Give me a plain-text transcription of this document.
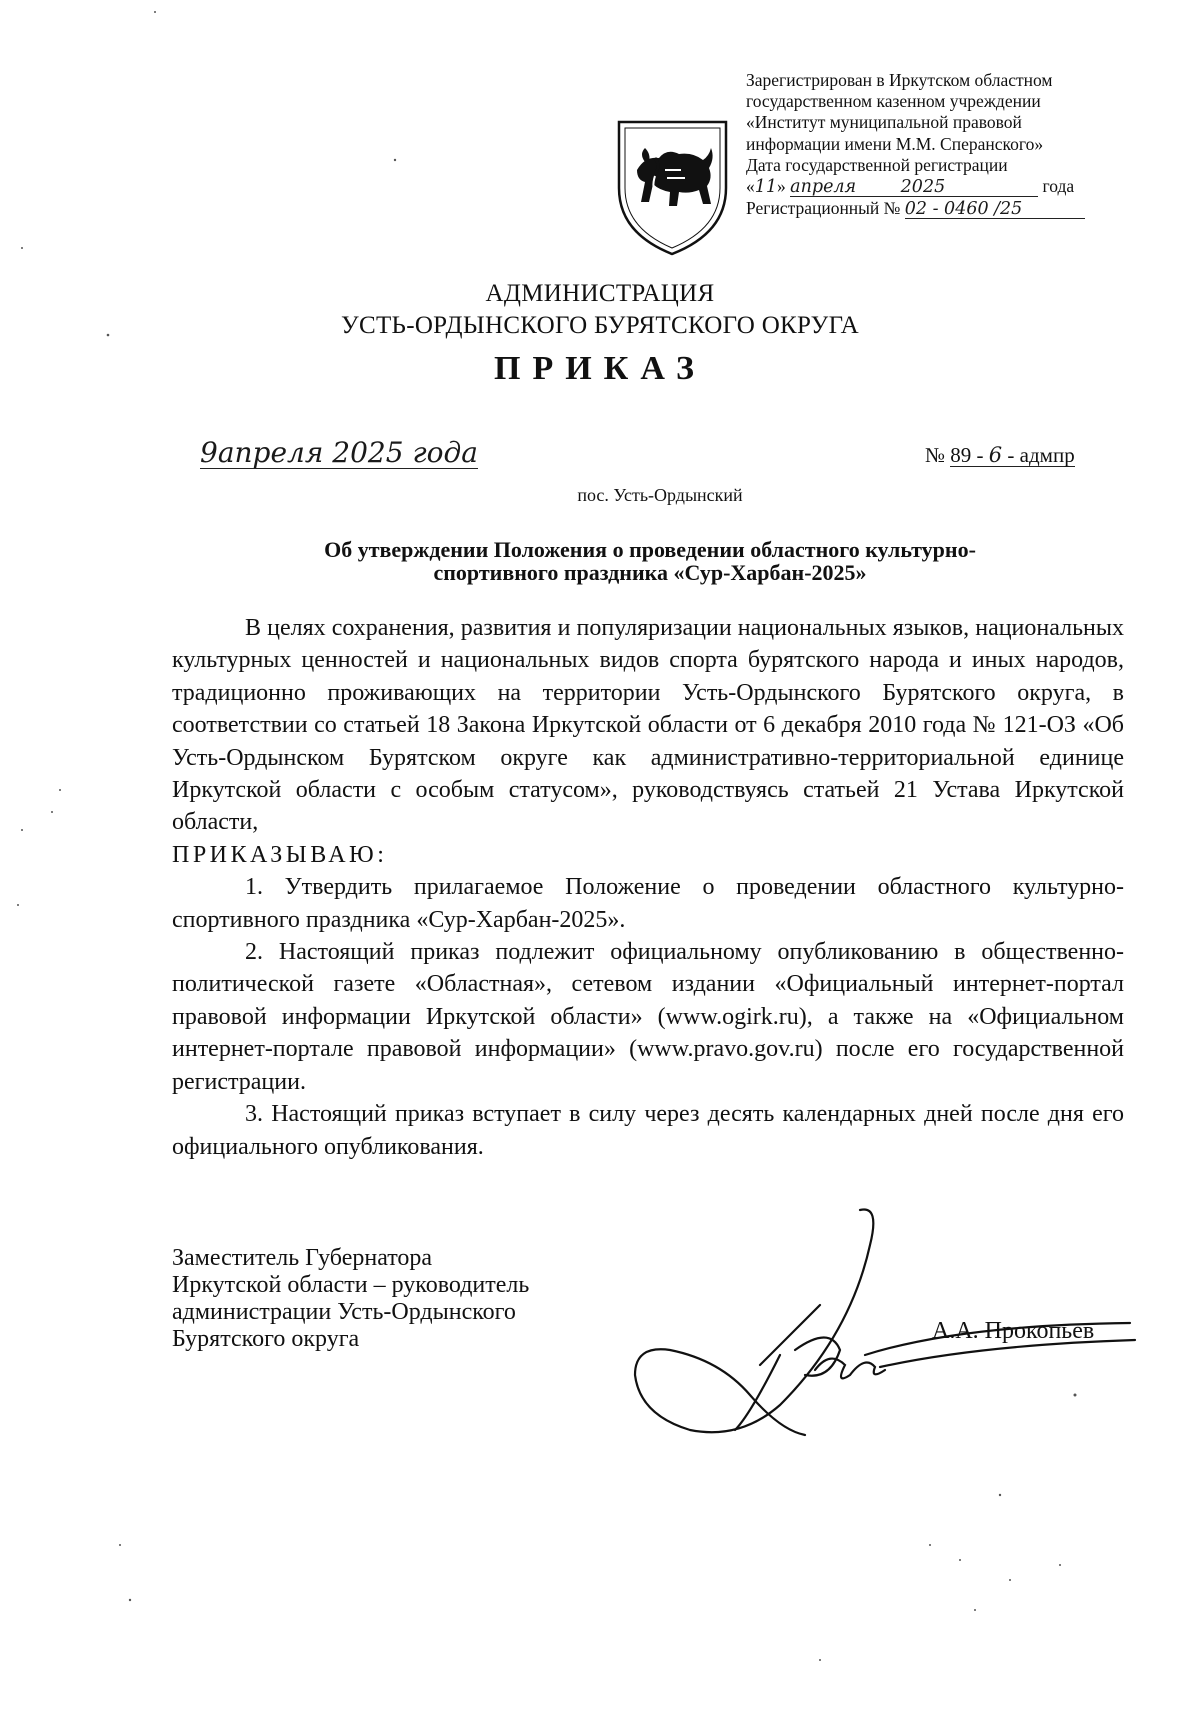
Зарегистрирован в Иркутском областном
государственном казенном учреждении
«Институт муниципальной правовой
информации имени М.М. Сперанского»
Дата государственной регистрации
«11» апреля	2025	года
Регистрационный № 02 - 0460 /25
АДМИНИСТРАЦИЯ
УСТЬ-ОРДЫНСКОГО БУРЯТСКОГО ОКРУГА
ПРИКАЗ
9апреля 2025 года	№ 89 - 6 - адмпр
пос. Усть-Ордынский
Об утверждении Положения о проведении областного культурно-
спортивного праздника «Сур-Харбан-2025»

В целях сохранения, развития и популяризации национальных языков, национальных культурных ценностей и национальных видов спорта бурятского народа и иных народов, традиционно проживающих на территории Усть-Ордынского Бурятского округа, в соответствии со статьей 18 Закона Иркутской области от 6 декабря 2010 года № 121-ОЗ «Об Усть-Ордынском Бурятском округе как административно-территориальной единице Иркутской области с особым статусом», руководствуясь статьей 21 Устава Иркутской области,

ПРИКАЗЫВАЮ:

1. Утвердить прилагаемое Положение о проведении областного культурно-спортивного праздника «Сур-Харбан-2025».

2. Настоящий приказ подлежит официальному опубликованию в общественно-политической газете «Областная», сетевом издании «Официальный интернет-портал правовой информации Иркутской области» (www.ogirk.ru), а также на «Официальном интернет-портале правовой информации» (www.pravo.gov.ru) после его государственной регистрации.

3. Настоящий приказ вступает в силу через десять календарных дней после дня его официального опубликования.

Заместитель Губернатора
Иркутской области – руководитель
администрации Усть-Ордынского
Бурятского округа	А.А. Прокопьев
